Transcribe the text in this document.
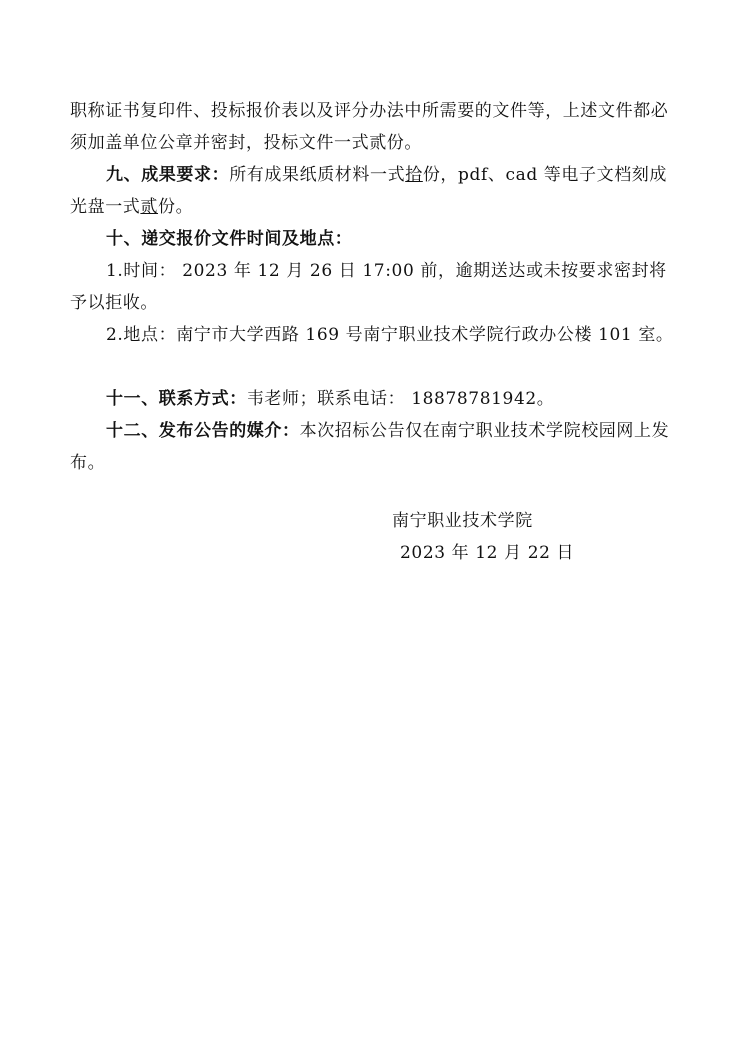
职称证书复印件、投标报价表以及评分办法中所需要的文件等，上述文件都必须加盖单位公章并密封，投标文件一式贰份。
九、成果要求：所有成果纸质材料一式拾份，pdf、cad 等电子文档刻成光盘一式贰份。
十、递交报价文件时间及地点：
1.时间： 2023 年 12 月 26 日 17:00 前，逾期送达或未按要求密封将予以拒收。
2.地点：南宁市大学西路 169 号南宁职业技术学院行政办公楼 101 室。
十一、联系方式：韦老师；联系电话： 18878781942。
十二、发布公告的媒介：本次招标公告仅在南宁职业技术学院校园网上发布。
南宁职业技术学院
2023 年 12 月 22 日
